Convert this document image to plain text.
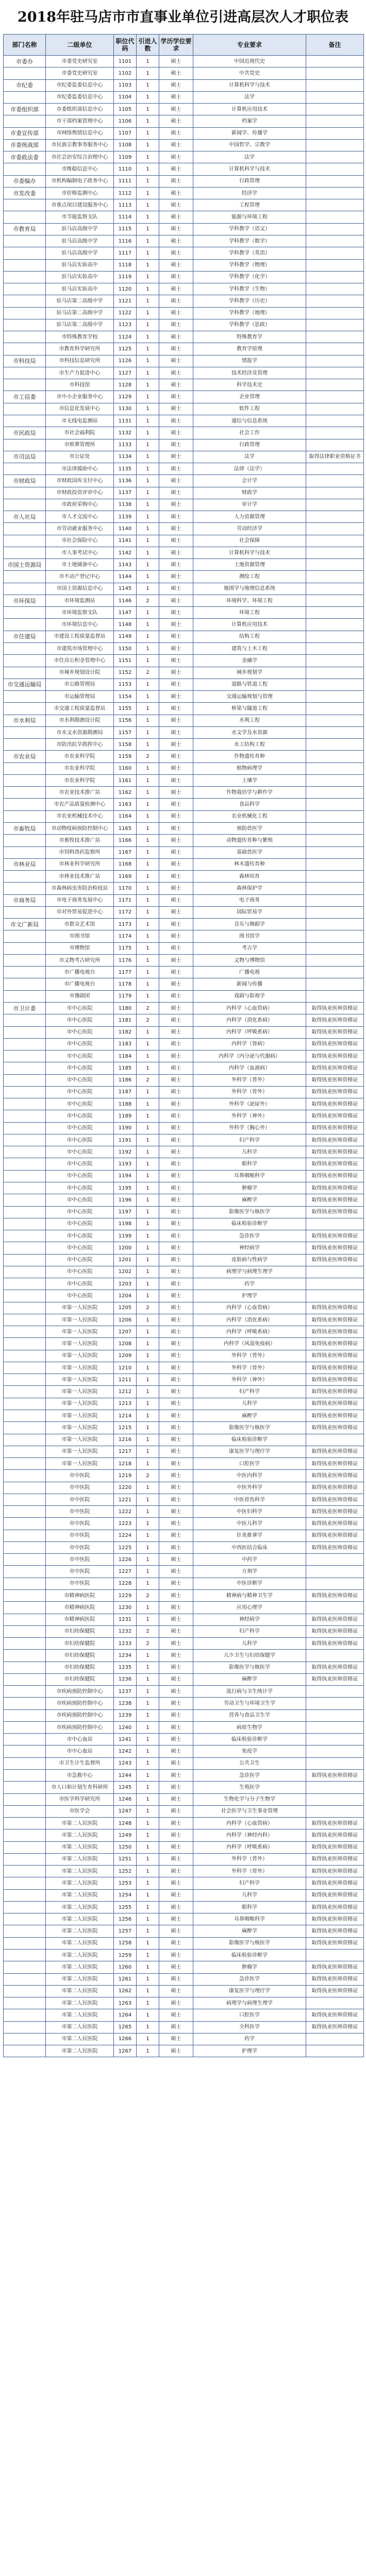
2018年驻马店市市直事业单位引进高层次人才职位表
部门名称	二级单位	职位代码	引进人数	学历学位要求	专业要求	备注
市委办	市委党史研究室	1101	1	硕士	中国近现代史	
	市委党史研究室	1102	1	硕士	中共党史	
市纪委	市纪委监委信息中心	1103	1	硕士	计算机科学与技术	
	市纪委监委信息中心	1104	1	硕士	法学	
市委组织部	市委组织部信息中心	1105	1	硕士	计算机应用技术	
	市干部档案管理中心	1106	1	硕士	档案学	
市委宣传部	市网络舆情信息中心	1107	1	硕士	新闻学、传播学	
市委统战部	市民族宗教事务服务中心	1108	1	硕士	中国哲学、宗教学	
市委政法委	市社会治安综合治理中心	1109	1	硕士	法学	
	市维稳信息中心	1110	1	硕士	计算机科学与技术	
市委编办	市机构编制电子政务中心	1111	1	硕士	行政管理	
市发改委	市价格监测中心	1112	1	硕士	经济学	
	市重点项目建设服务中心	1113	1	硕士	工程管理	
	市节能监察支队	1114	1	硕士	能源与环境工程	
市教育局	驻马店高级中学	1115	1	硕士	学科教学（语文）	
	驻马店高级中学	1116	1	硕士	学科教学（数学）	
	驻马店高级中学	1117	1	硕士	学科教学（英语）	
	驻马店实验高中	1118	1	硕士	学科教学（物理）	
	驻马店实验高中	1119	1	硕士	学科教学（化学）	
	驻马店实验高中	1120	1	硕士	学科教学（生物）	
	驻马店第二高级中学	1121	1	硕士	学科教学（历史）	
	驻马店第二高级中学	1122	1	硕士	学科教学（地理）	
	驻马店第二高级中学	1123	1	硕士	学科教学（思政）	
	市特殊教育学校	1124	1	硕士	特殊教育学	
	市教育科学研究所	1125	1	硕士	教育学原理	
市科技局	市科技信息研究所	1126	1	硕士	情报学	
	市生产力促进中心	1127	1	硕士	技术经济及管理	
	市科技馆	1128	1	硕士	科学技术史	
市工信委	市中小企业服务中心	1129	1	硕士	企业管理	
	市信息化发展中心	1130	1	硕士	软件工程	
	市无线电监测站	1131	1	硕士	通信与信息系统	
市民政局	市社会福利院	1132	1	硕士	社会工作	
	市殡葬管理所	1133	1	硕士	行政管理	
市司法局	市公证处	1134	1	硕士	法学	取得法律职业资格证书
	市法律援助中心	1135	1	硕士	法律（法学）	
市财政局	市财政国库支付中心	1136	1	硕士	会计学	
	市财政投资评审中心	1137	1	硕士	财政学	
	市政府采购中心	1138	1	硕士	审计学	
市人社局	市人才交流中心	1139	1	硕士	人力资源管理	
	市劳动就业服务中心	1140	1	硕士	劳动经济学	
	市社会保险中心	1141	1	硕士	社会保障	
	市人事考试中心	1142	1	硕士	计算机科学与技术	
市国土资源局	市土地储备中心	1143	1	硕士	土地资源管理	
	市不动产登记中心	1144	1	硕士	测绘工程	
	市国土资源信息中心	1145	1	硕士	地图学与地理信息系统	
市环保局	市环境监测站	1146	2	硕士	环境科学、环境工程	
	市环境监察支队	1147	1	硕士	环境工程	
	市环境信息中心	1148	1	硕士	计算机应用技术	
市住建局	市建设工程质量监督站	1149	1	硕士	结构工程	
	市建筑市场管理中心	1150	1	硕士	建筑与土木工程	
	市住房公积金管理中心	1151	1	硕士	金融学	
	市城乡规划设计院	1152	2	硕士	城乡规划学	
市交通运输局	市公路管理局	1153	1	硕士	道路与铁道工程	
	市运输管理局	1154	1	硕士	交通运输规划与管理	
	市交通工程质量监督站	1155	1	硕士	桥梁与隧道工程	
市水利局	市水利勘测设计院	1156	1	硕士	水利工程	
	市水文水资源勘测局	1157	1	硕士	水文学及水资源	
	市防汛抗旱指挥中心	1158	1	硕士	水工结构工程	
市农业局	市农业科学院	1159	2	硕士	作物遗传育种	
	市农业科学院	1160	1	硕士	植物病理学	
	市农业科学院	1161	1	硕士	土壤学	
	市农业技术推广站	1162	1	硕士	作物栽培学与耕作学	
	市农产品质量检测中心	1163	1	硕士	食品科学	
	市农业机械技术中心	1164	1	硕士	农业机械化工程	
市畜牧局	市动物疫病预防控制中心	1165	1	硕士	预防兽医学	
	市畜牧技术推广站	1166	1	硕士	动物遗传育种与繁殖	
	市饲料兽药监察所	1167	1	硕士	基础兽医学	
市林业局	市林业科学研究所	1168	1	硕士	林木遗传育种	
	市林业技术推广站	1169	1	硕士	森林培育	
	市森林病虫害防治检疫站	1170	1	硕士	森林保护学	
市商务局	市电子商务发展中心	1171	1	硕士	电子商务	
	市对外贸易促进中心	1172	1	硕士	国际贸易学	
市文广新局	市群众艺术馆	1173	1	硕士	音乐与舞蹈学	
	市图书馆	1174	1	硕士	图书馆学	
	市博物馆	1175	1	硕士	考古学	
	市文物考古研究所	1176	1	硕士	文物与博物馆	
	市广播电视台	1177	1	硕士	广播电视	
	市广播电视台	1178	1	硕士	新闻与传播	
	市豫剧团	1179	1	硕士	戏剧与影视学	
市卫计委	市中心医院	1180	2	硕士	内科学（心血管病）	取得执业医师资格证
	市中心医院	1181	2	硕士	内科学（消化系病）	取得执业医师资格证
	市中心医院	1182	1	硕士	内科学（呼吸系病）	取得执业医师资格证
	市中心医院	1183	1	硕士	内科学（肾病）	取得执业医师资格证
	市中心医院	1184	1	硕士	内科学（内分泌与代谢病）	取得执业医师资格证
	市中心医院	1185	1	硕士	内科学（血液病）	取得执业医师资格证
	市中心医院	1186	2	硕士	外科学（普外）	取得执业医师资格证
	市中心医院	1187	1	硕士	外科学（骨外）	取得执业医师资格证
	市中心医院	1188	1	硕士	外科学（泌尿外）	取得执业医师资格证
	市中心医院	1189	1	硕士	外科学（神外）	取得执业医师资格证
	市中心医院	1190	1	硕士	外科学（胸心外）	取得执业医师资格证
	市中心医院	1191	1	硕士	妇产科学	取得执业医师资格证
	市中心医院	1192	1	硕士	儿科学	取得执业医师资格证
	市中心医院	1193	1	硕士	眼科学	取得执业医师资格证
	市中心医院	1194	1	硕士	耳鼻咽喉科学	取得执业医师资格证
	市中心医院	1195	1	硕士	肿瘤学	取得执业医师资格证
	市中心医院	1196	1	硕士	麻醉学	取得执业医师资格证
	市中心医院	1197	1	硕士	影像医学与核医学	取得执业医师资格证
	市中心医院	1198	1	硕士	临床检验诊断学	
	市中心医院	1199	1	硕士	急诊医学	取得执业医师资格证
	市中心医院	1200	1	硕士	神经病学	取得执业医师资格证
	市中心医院	1201	1	硕士	皮肤病与性病学	取得执业医师资格证
	市中心医院	1202	1	硕士	病理学与病理生理学	
	市中心医院	1203	1	硕士	药学	
	市中心医院	1204	1	硕士	护理学	
	市第一人民医院	1205	2	硕士	内科学（心血管病）	取得执业医师资格证
	市第一人民医院	1206	1	硕士	内科学（消化系病）	取得执业医师资格证
	市第一人民医院	1207	1	硕士	内科学（呼吸系病）	取得执业医师资格证
	市第一人民医院	1208	1	硕士	内科学（风湿免疫病）	取得执业医师资格证
	市第一人民医院	1209	1	硕士	外科学（普外）	取得执业医师资格证
	市第一人民医院	1210	1	硕士	外科学（骨外）	取得执业医师资格证
	市第一人民医院	1211	1	硕士	外科学（神外）	取得执业医师资格证
	市第一人民医院	1212	1	硕士	妇产科学	取得执业医师资格证
	市第一人民医院	1213	1	硕士	儿科学	取得执业医师资格证
	市第一人民医院	1214	1	硕士	麻醉学	取得执业医师资格证
	市第一人民医院	1215	1	硕士	影像医学与核医学	取得执业医师资格证
	市第一人民医院	1216	1	硕士	临床检验诊断学	
	市第一人民医院	1217	1	硕士	康复医学与理疗学	取得执业医师资格证
	市第一人民医院	1218	1	硕士	口腔医学	取得执业医师资格证
	市中医院	1219	2	硕士	中医内科学	取得执业医师资格证
	市中医院	1220	1	硕士	中医外科学	取得执业医师资格证
	市中医院	1221	1	硕士	中医骨伤科学	取得执业医师资格证
	市中医院	1222	1	硕士	中医妇科学	取得执业医师资格证
	市中医院	1223	1	硕士	中医儿科学	取得执业医师资格证
	市中医院	1224	1	硕士	针灸推拿学	取得执业医师资格证
	市中医院	1225	1	硕士	中西医结合临床	取得执业医师资格证
	市中医院	1226	1	硕士	中药学	
	市中医院	1227	1	硕士	方剂学	
	市中医院	1228	1	硕士	中医诊断学	
	市精神病医院	1229	2	硕士	精神病与精神卫生学	取得执业医师资格证
	市精神病医院	1230	1	硕士	应用心理学	
	市精神病医院	1231	1	硕士	神经病学	取得执业医师资格证
	市妇幼保健院	1232	2	硕士	妇产科学	取得执业医师资格证
	市妇幼保健院	1233	2	硕士	儿科学	取得执业医师资格证
	市妇幼保健院	1234	1	硕士	儿少卫生与妇幼保健学	
	市妇幼保健院	1235	1	硕士	影像医学与核医学	取得执业医师资格证
	市妇幼保健院	1236	1	硕士	麻醉学	取得执业医师资格证
	市疾病预防控制中心	1237	1	硕士	流行病与卫生统计学	
	市疾病预防控制中心	1238	1	硕士	劳动卫生与环境卫生学	
	市疾病预防控制中心	1239	1	硕士	营养与食品卫生学	
	市疾病预防控制中心	1240	1	硕士	病原生物学	
	市中心血站	1241	1	硕士	临床检验诊断学	
	市中心血站	1242	1	硕士	免疫学	
	市卫生计生监督所	1243	1	硕士	公共卫生	
	市急救中心	1244	1	硕士	急诊医学	取得执业医师资格证
	市人口和计划生育科研所	1245	1	硕士	生殖医学	
	市医学科学研究所	1246	1	硕士	生物化学与分子生物学	
	市医学会	1247	1	硕士	社会医学与卫生事业管理	
	市第二人民医院	1248	1	硕士	内科学（心血管病）	取得执业医师资格证
	市第二人民医院	1249	1	硕士	内科学（神经内科）	取得执业医师资格证
	市第二人民医院	1250	1	硕士	内科学（呼吸系病）	取得执业医师资格证
	市第二人民医院	1251	1	硕士	外科学（普外）	取得执业医师资格证
	市第二人民医院	1252	1	硕士	外科学（骨外）	取得执业医师资格证
	市第二人民医院	1253	1	硕士	妇产科学	取得执业医师资格证
	市第二人民医院	1254	1	硕士	儿科学	取得执业医师资格证
	市第二人民医院	1255	1	硕士	眼科学	取得执业医师资格证
	市第二人民医院	1256	1	硕士	耳鼻咽喉科学	取得执业医师资格证
	市第二人民医院	1257	1	硕士	麻醉学	取得执业医师资格证
	市第二人民医院	1258	1	硕士	影像医学与核医学	取得执业医师资格证
	市第二人民医院	1259	1	硕士	临床检验诊断学	
	市第二人民医院	1260	1	硕士	肿瘤学	取得执业医师资格证
	市第二人民医院	1261	1	硕士	急诊医学	取得执业医师资格证
	市第二人民医院	1262	1	硕士	康复医学与理疗学	取得执业医师资格证
	市第二人民医院	1263	1	硕士	病理学与病理生理学	
	市第二人民医院	1264	1	硕士	口腔医学	取得执业医师资格证
	市第二人民医院	1265	1	硕士	全科医学	取得执业医师资格证
	市第二人民医院	1266	1	硕士	药学	
	市第二人民医院	1267	1	硕士	护理学	
